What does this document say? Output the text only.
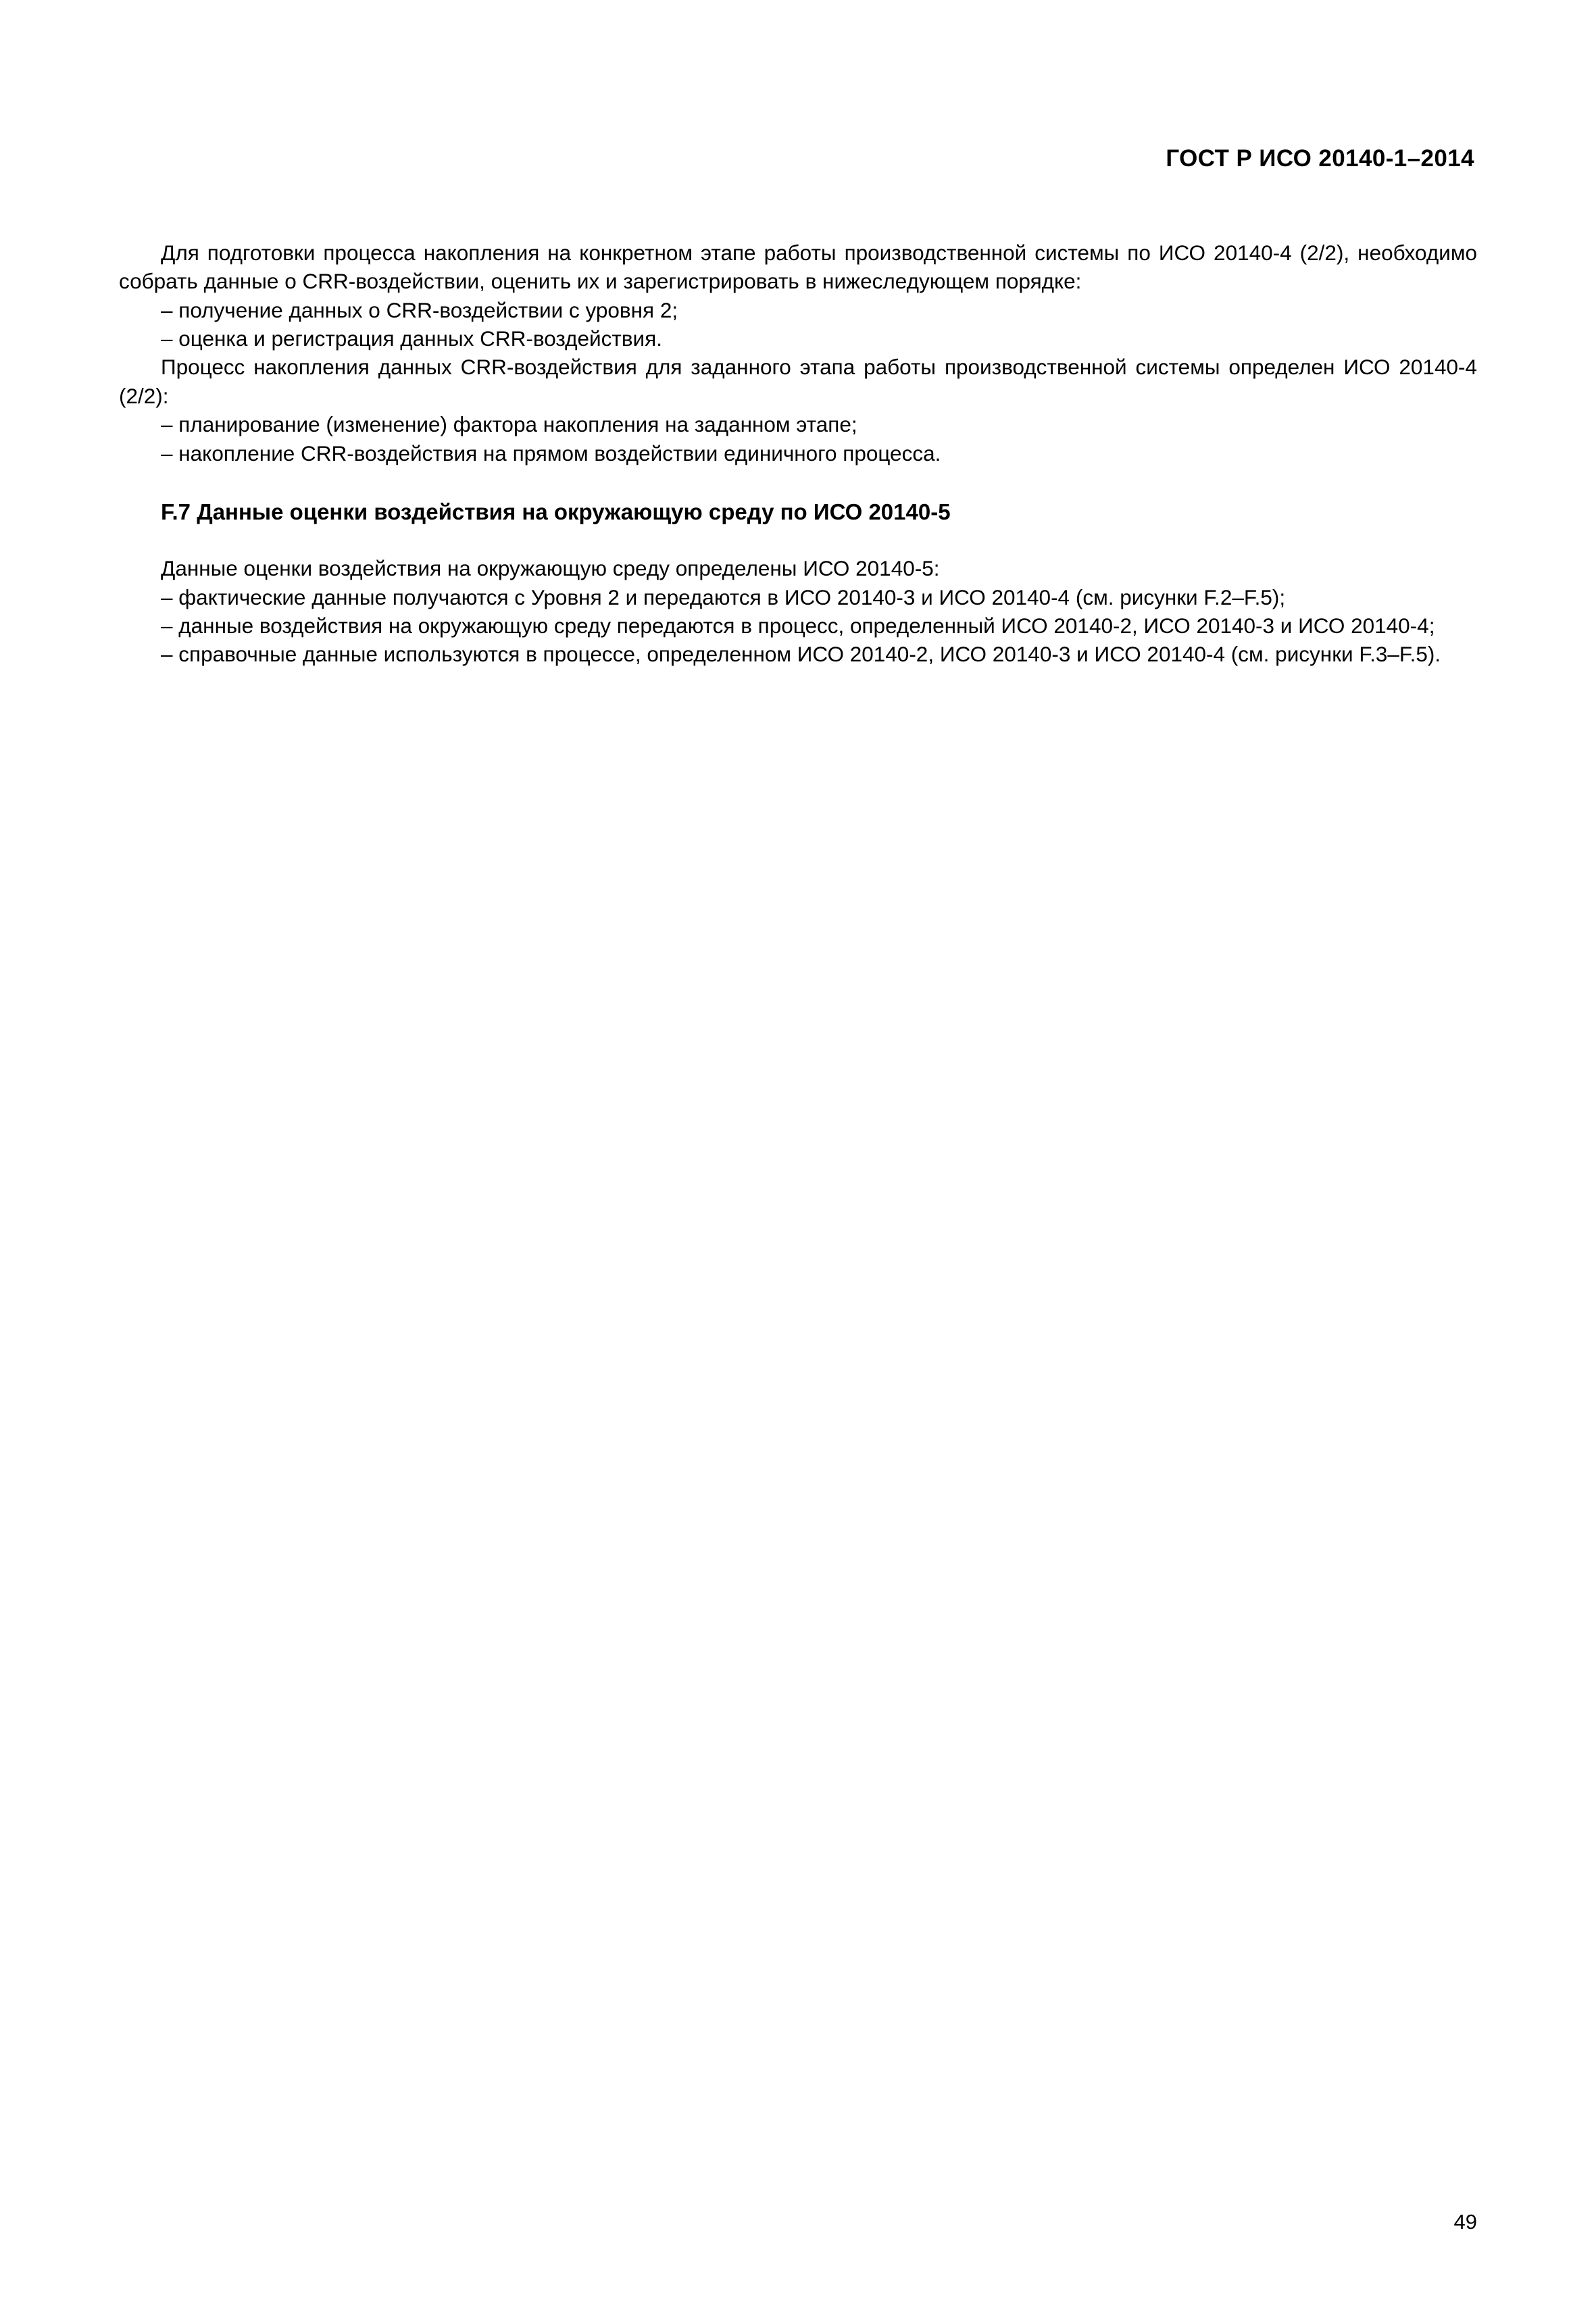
ГОСТ Р ИСО 20140-1–2014

Для подготовки процесса накопления на конкретном этапе работы производственной системы по ИСО 20140-4 (2/2), необходимо собрать данные о CRR-воздействии, оценить их и зарегистрировать в нижеследующем порядке:

– получение данных о CRR-воздействии с уровня 2;

– оценка и регистрация данных CRR-воздействия.

Процесс накопления данных CRR-воздействия для заданного этапа работы производственной системы определен ИСО 20140-4 (2/2):

– планирование (изменение) фактора накопления на заданном этапе;

– накопление CRR-воздействия на прямом воздействии единичного процесса.

F.7 Данные оценки воздействия на окружающую среду по ИСО 20140-5

Данные оценки воздействия на окружающую среду определены ИСО 20140-5:

– фактические данные получаются с Уровня 2 и передаются в ИСО 20140-3 и ИСО 20140-4 (см. рисунки F.2–F.5);

– данные воздействия на окружающую среду передаются в процесс, определенный ИСО 20140-2, ИСО 20140-3 и ИСО 20140-4;

– справочные данные используются в процессе, определенном ИСО 20140-2, ИСО 20140-3 и ИСО 20140-4 (см. рисунки F.3–F.5).

49
